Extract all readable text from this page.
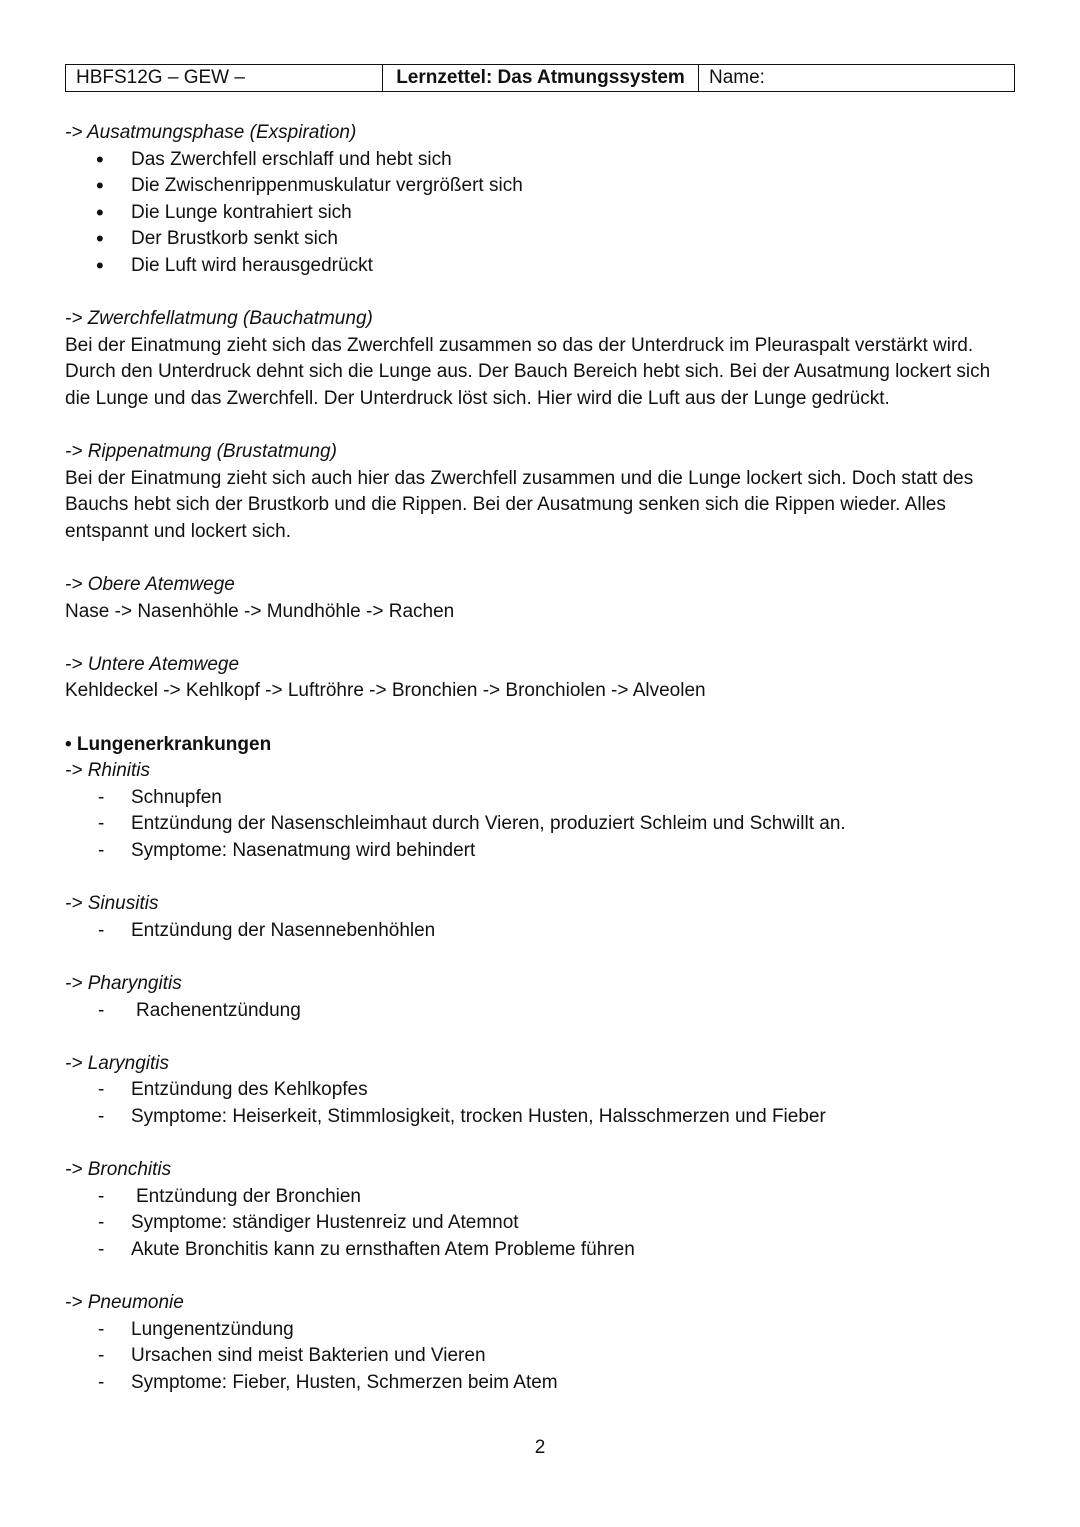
HBFS12G – GEW –	Lernzettel: Das Atmungssystem	Name:
-> Ausatmungsphase (Exspiration)
• Das Zwerchfell erschlaff und hebt sich
• Die Zwischenrippenmuskulatur vergrößert sich
• Die Lunge kontrahiert sich
• Der Brustkorb senkt sich
• Die Luft wird herausgedrückt
-> Zwerchfellatmung (Bauchatmung)

Bei der Einatmung zieht sich das Zwerchfell zusammen so das der Unterdruck im Pleuraspalt verstärkt wird. Durch den Unterdruck dehnt sich die Lunge aus. Der Bauch Bereich hebt sich. Bei der Ausatmung lockert sich die Lunge und das Zwerchfell. Der Unterdruck löst sich. Hier wird die Luft aus der Lunge gedrückt.

-> Rippenatmung (Brustatmung)

Bei der Einatmung zieht sich auch hier das Zwerchfell zusammen und die Lunge lockert sich. Doch statt des Bauchs hebt sich der Brustkorb und die Rippen. Bei der Ausatmung senken sich die Rippen wieder. Alles entspannt und lockert sich.

-> Obere Atemwege
Nase -> Nasenhöhle -> Mundhöhle -> Rachen
-> Untere Atemwege
Kehldeckel -> Kehlkopf -> Luftröhre -> Bronchien -> Bronchiolen -> Alveolen
• Lungenerkrankungen
-> Rhinitis
- Schnupfen
- Entzündung der Nasenschleimhaut durch Vieren, produziert Schleim und Schwillt an.
- Symptome: Nasenatmung wird behindert
-> Sinusitis
- Entzündung der Nasennebenhöhlen
-> Pharyngitis
- Rachenentzündung
-> Laryngitis
- Entzündung des Kehlkopfes
- Symptome: Heiserkeit, Stimmlosigkeit, trocken Husten, Halsschmerzen und Fieber
-> Bronchitis
- Entzündung der Bronchien
- Symptome: ständiger Hustenreiz und Atemnot
- Akute Bronchitis kann zu ernsthaften Atem Probleme führen
-> Pneumonie
- Lungenentzündung
- Ursachen sind meist Bakterien und Vieren
- Symptome: Fieber, Husten, Schmerzen beim Atem
2
